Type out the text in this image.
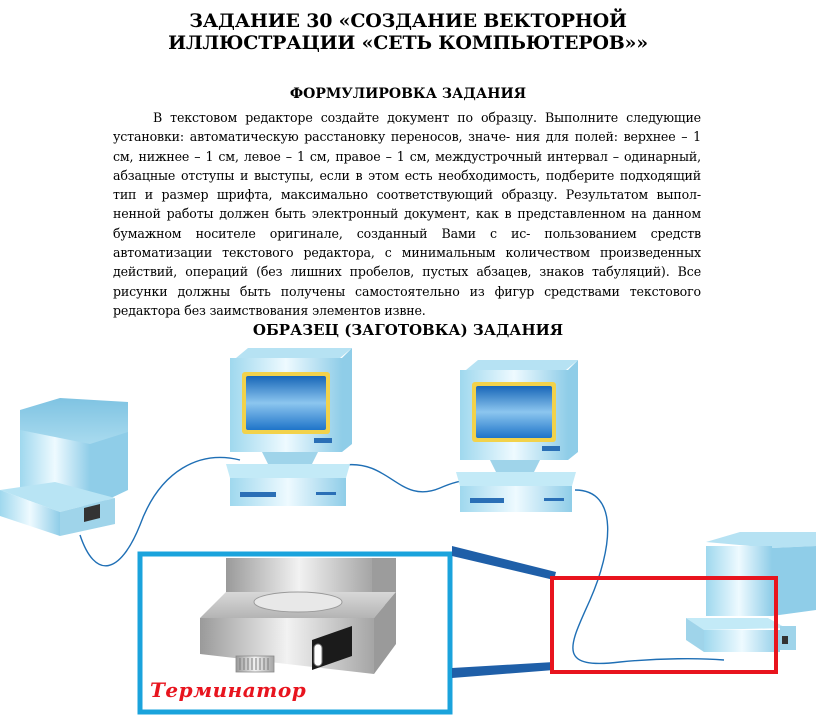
ЗАДАНИЕ 30 «СОЗДАНИЕ ВЕКТОРНОЙ ИЛЛЮСТРАЦИИ «СЕТЬ КОМПЬЮТЕРОВ»»
ФОРМУЛИРОВКА ЗАДАНИЯ

В текстовом редакторе создайте документ по образцу. Выполните следующие установки: автоматическую расстановку переносов, значе- ния для полей: верхнее – 1 см, нижнее – 1 см, левое – 1 см, правое – 1 см, междустрочный интервал – одинарный, абзацные отступы и выступы, если в этом есть необходимость, подберите подходящий тип и размер шрифта, максимально соответствующий образцу. Результатом выпол- ненной работы должен быть электронный документ, как в представленном на данном бумажном носителе оригинале, созданный Вами с ис- пользованием средств автоматизации текстового редактора, с минимальным количеством произведенных действий, операций (без лишних пробелов, пустых абзацев, знаков табуляций). Все рисунки должны быть получены самостоятельно из фигур средствами текстового редактора без заимствования элементов извне.

ОБРАЗЕЦ (ЗАГОТОВКА) ЗАДАНИЯ
Терминатор
